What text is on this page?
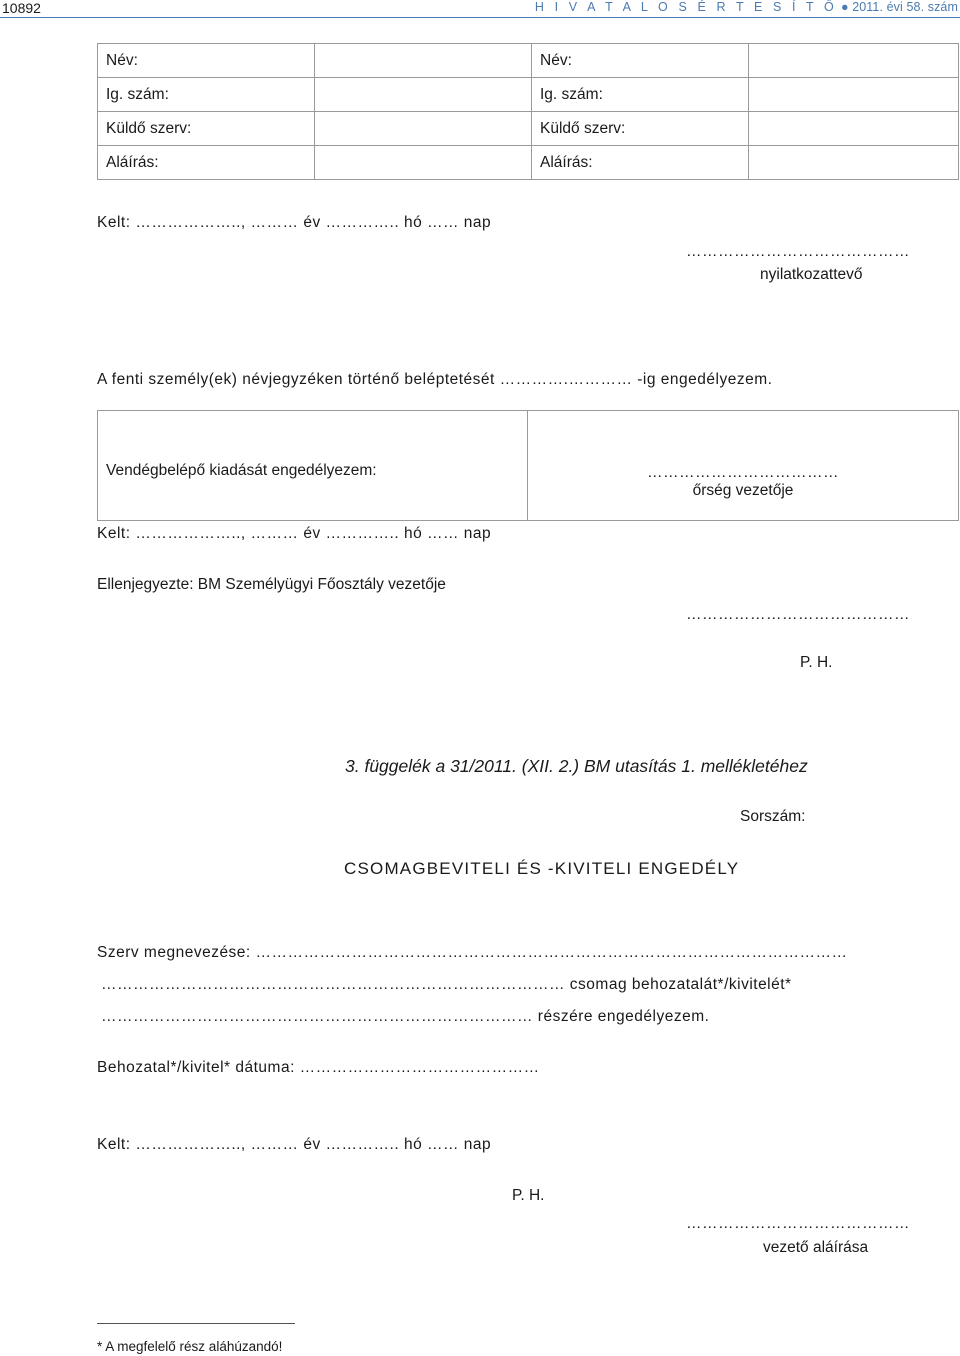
10892	H I V A T A L O S É R T E S Í T Ő ● 2011. évi 58. szám
Név:		Név:	
Ig. szám:		Ig. szám:	
Küldő szerv:		Küldő szerv:	
Aláírás:		Aláírás:	
Kelt: ……………….., ……… év ………….. hó …… nap
……………………………………
nyilatkozattevő
A fenti személy(ek) névjegyzéken történő beléptetését ………….………… -ig engedélyezem.
Vendégbelépő kiadását engedélyezem:	………………………………
őrség vezetője
Kelt: ……………….., ……… év ………….. hó …… nap
Ellenjegyezte: BM Személyügyi Főosztály vezetője
……………………………………
P. H.
3. függelék a 31/2011. (XII. 2.) BM utasítás 1. mellékletéhez
Sorszám:
CSOMAGBEVITELI ÉS -KIVITELI ENGEDÉLY
Szerv megnevezése: …………………………………………………………………………………………………
…………………………………………………………………………… csomag behozatalát*/kivitelét*
……………………………………………………………………… részére engedélyezem.
Behozatal*/kivitel* dátuma: ………………………………………
Kelt: ……………….., ……… év ………….. hó …… nap
P. H.
……………………………………
vezető aláírása
* A megfelelő rész aláhúzandó!
